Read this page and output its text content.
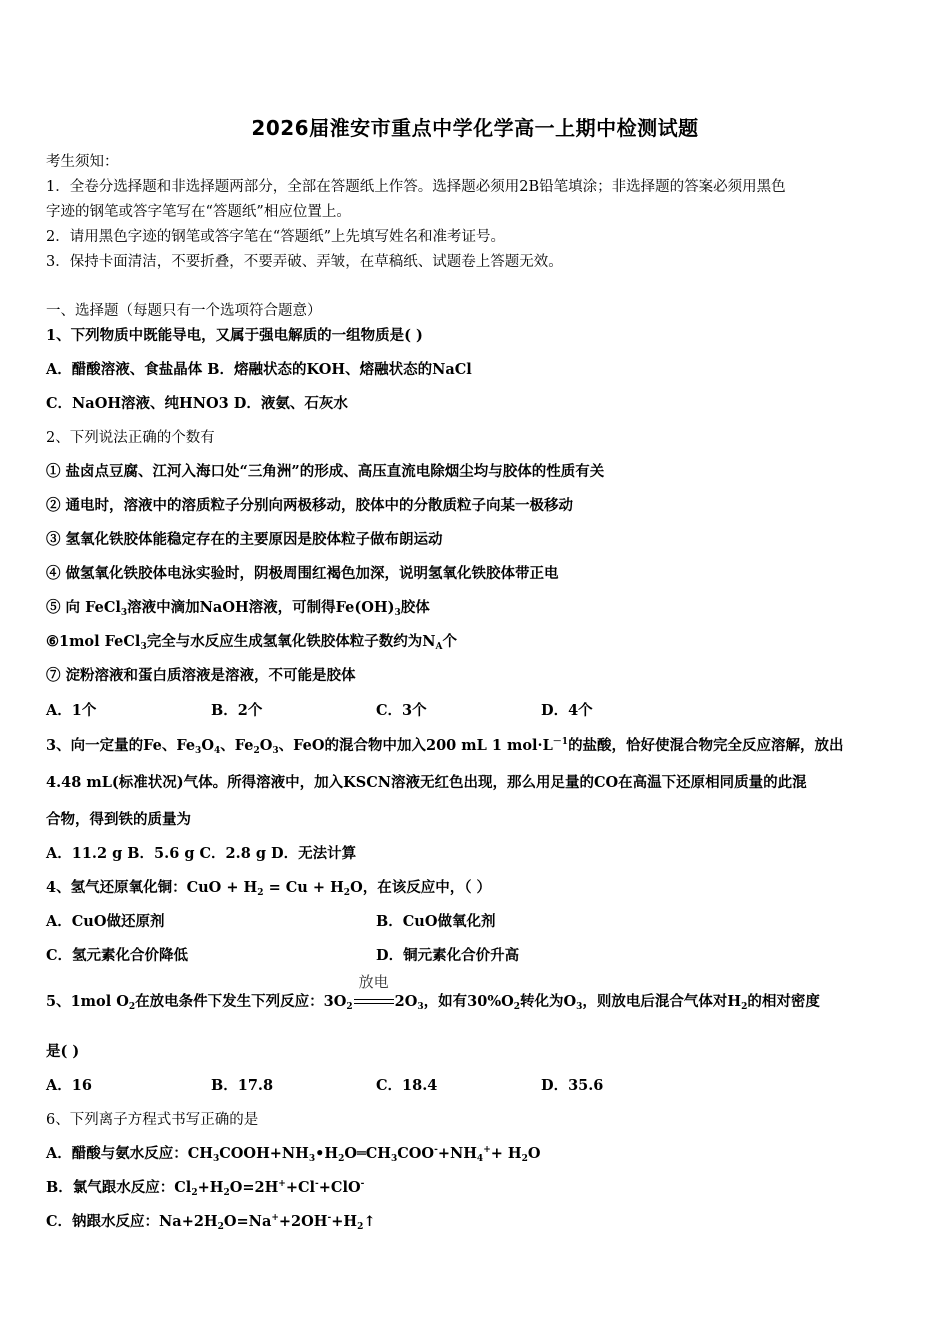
2026届淮安市重点中学化学高一上期中检测试题
考生须知：
1．全卷分选择题和非选择题两部分，全部在答题纸上作答。选择题必须用2B铅笔填涂；非选择题的答案必须用黑色
字迹的钢笔或答字笔写在“答题纸”相应位置上。
2．请用黑色字迹的钢笔或答字笔在“答题纸”上先填写姓名和准考证号。
3．保持卡面清洁，不要折叠，不要弄破、弄皱，在草稿纸、试题卷上答题无效。
一、选择题（每题只有一个选项符合题意）
1、下列物质中既能导电，又属于强电解质的一组物质是( )
A．醋酸溶液、食盐晶体 B．熔融状态的KOH、熔融状态的NaCl
C．NaOH溶液、纯HNO3 D．液氨、石灰水
2、下列说法正确的个数有
① 盐卤点豆腐、江河入海口处“三角洲”的形成、高压直流电除烟尘均与胶体的性质有关
② 通电时，溶液中的溶质粒子分别向两极移动，胶体中的分散质粒子向某一极移动
③ 氢氧化铁胶体能稳定存在的主要原因是胶体粒子做布朗运动
④ 做氢氧化铁胶体电泳实验时，阴极周围红褐色加深，说明氢氧化铁胶体带正电
⑤ 向 FeCl$_3$溶液中滴加NaOH溶液，可制得$Fe(OH)_3$胶体
⑥1mol FeCl$_3$完全与水反应生成氢氧化铁胶体粒子数约为$N_A$个
⑦ 淀粉溶液和蛋白质溶液是溶液，不可能是胶体
A．1个	B．2个	C．3个	D．4个
3、向一定量的Fe、$Fe_3O_4$、$Fe_2O_3$、FeO的混合物中加入200 mL 1 $mol\cdot L^{-1}$的盐酸，恰好使混合物完全反应溶解，放出
4.48 mL(标准状况)气体。所得溶液中，加入KSCN溶液无红色出现，那么用足量的CO在高温下还原相同质量的此混
合物，得到铁的质量为
A．11.2 g B．5.6 g C．2.8 g D．无法计算
4、氢气还原氧化铜：CuO + $H_2 = Cu + H_2O$，在该反应中，（ ）
A．CuO做还原剂	B．CuO做氧化剂
C．氢元素化合价降低	D．铜元素化合价升高
5、1mol $O_2$在放电条件下发生下列反应：$3O_2$
放电
$2O_3$，如有$30\%O_2$转化为$O_3$，则放电后混合气体对$H_2$的相对密度
是( )
A．16	B．17.8	C．18.4	D．35.6
6、下列离子方程式书写正确的是
A．醋酸与氨水反应：$CH_3COOH+NH_3•H_2O═CH_3COO^-+NH_4^++ H_2O$
B．氯气跟水反应：$Cl_2+H_2O=2H^++Cl^-+ClO^-$
C．钠跟水反应：$Na+2H_2O=Na^++2OH^-+H_2↑$
